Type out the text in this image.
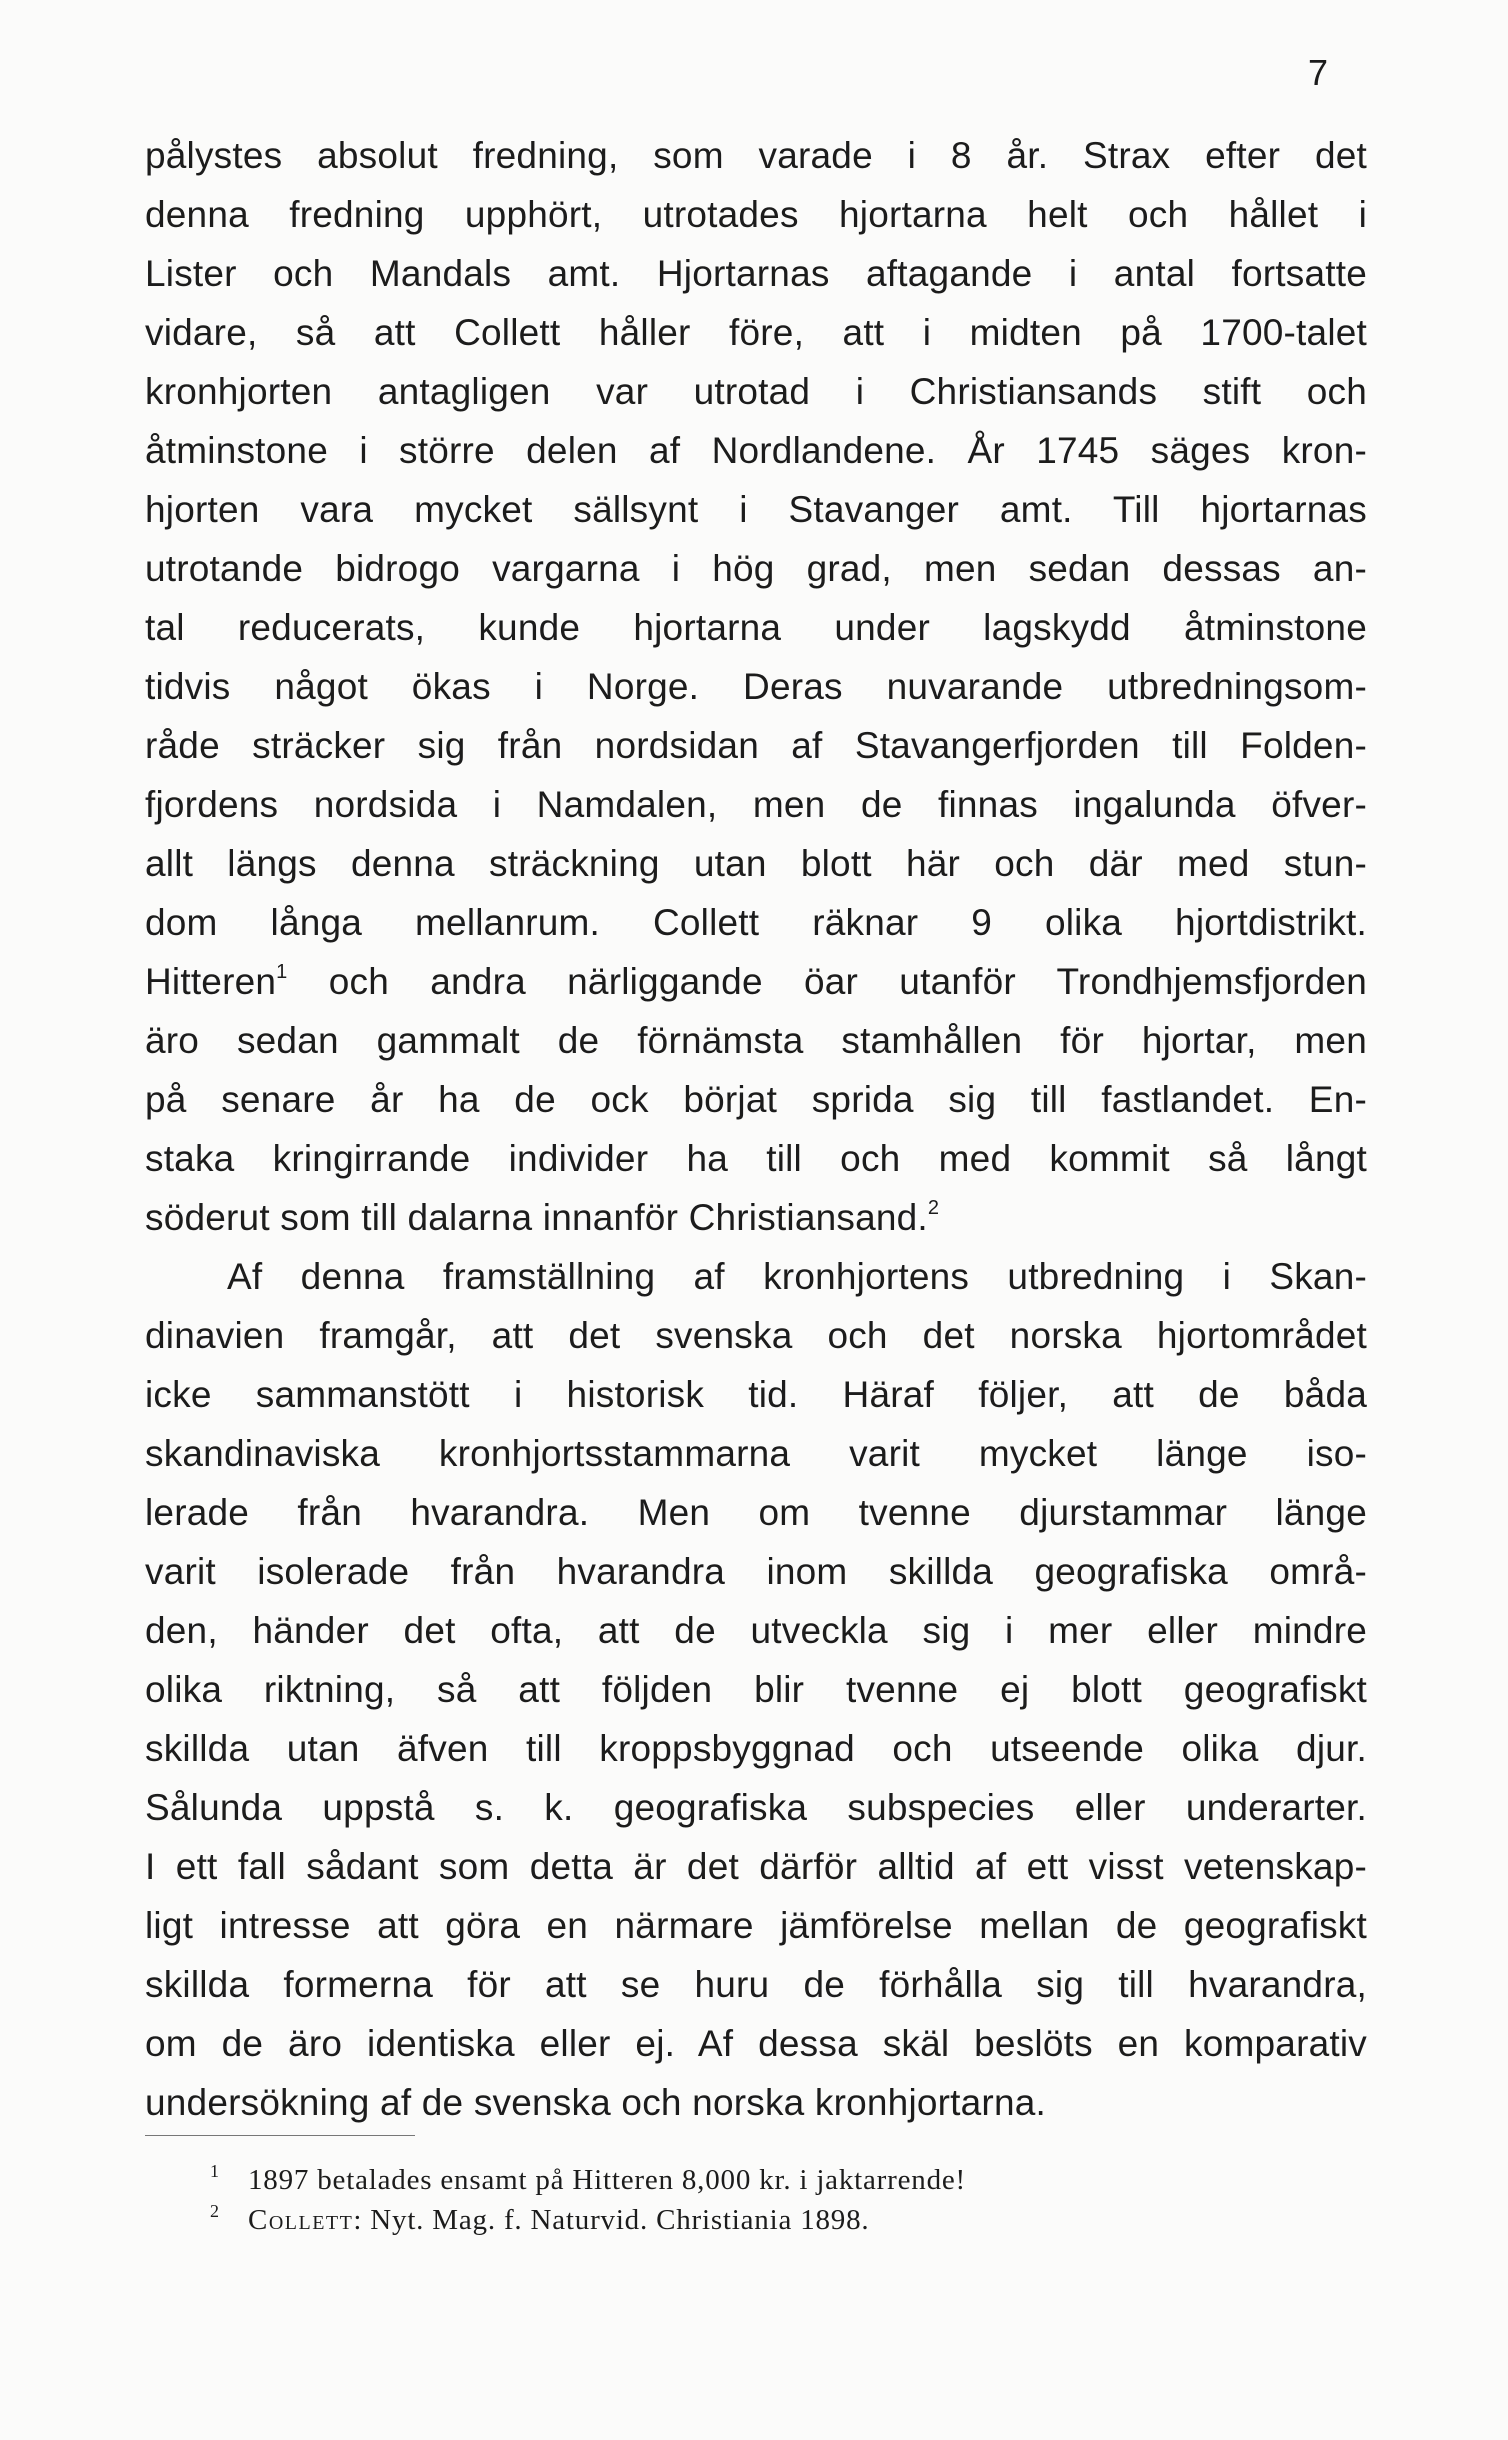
7
pålystes absolut fredning, som varade i 8 år. Strax efter det
denna fredning upphört, utrotades hjortarna helt och hållet i
Lister och Mandals amt. Hjortarnas aftagande i antal fortsatte
vidare, så att Collett håller före, att i midten på 1700-talet
kronhjorten antagligen var utrotad i Christiansands stift och
åtminstone i större delen af Nordlandene. År 1745 säges kron-
hjorten vara mycket sällsynt i Stavanger amt. Till hjortarnas
utrotande bidrogo vargarna i hög grad, men sedan dessas an-
tal reducerats, kunde hjortarna under lagskydd åtminstone
tidvis något ökas i Norge. Deras nuvarande utbredningsom-
råde sträcker sig från nordsidan af Stavangerfjorden till Folden-
fjordens nordsida i Namdalen, men de finnas ingalunda öfver-
allt längs denna sträckning utan blott här och där med stun-
dom långa mellanrum. Collett räknar 9 olika hjortdistrikt.
Hitteren$^1$ och andra närliggande öar utanför Trondhjemsfjorden
äro sedan gammalt de förnämsta stamhållen för hjortar, men
på senare år ha de ock börjat sprida sig till fastlandet. En-
staka kringirrande individer ha till och med kommit så långt
söderut som till dalarna innanför Christiansand.$^2$
Af denna framställning af kronhjortens utbredning i Skan-
dinavien framgår, att det svenska och det norska hjortområdet
icke sammanstött i historisk tid. Häraf följer, att de båda
skandinaviska kronhjortsstammarna varit mycket länge iso-
lerade från hvarandra. Men om tvenne djurstammar länge
varit isolerade från hvarandra inom skillda geografiska områ-
den, händer det ofta, att de utveckla sig i mer eller mindre
olika riktning, så att följden blir tvenne ej blott geografiskt
skillda utan äfven till kroppsbyggnad och utseende olika djur.
Sålunda uppstå s. k. geografiska subspecies eller underarter.
I ett fall sådant som detta är det därför alltid af ett visst vetenskap-
ligt intresse att göra en närmare jämförelse mellan de geografiskt
skillda formerna för att se huru de förhålla sig till hvarandra,
om de äro identiska eller ej. Af dessa skäl beslöts en komparativ
undersökning af de svenska och norska kronhjortarna.
1 1897 betalades ensamt på Hitteren 8,000 kr. i jaktarrende!
2 Collett: Nyt. Mag. f. Naturvid. Christiania 1898.
